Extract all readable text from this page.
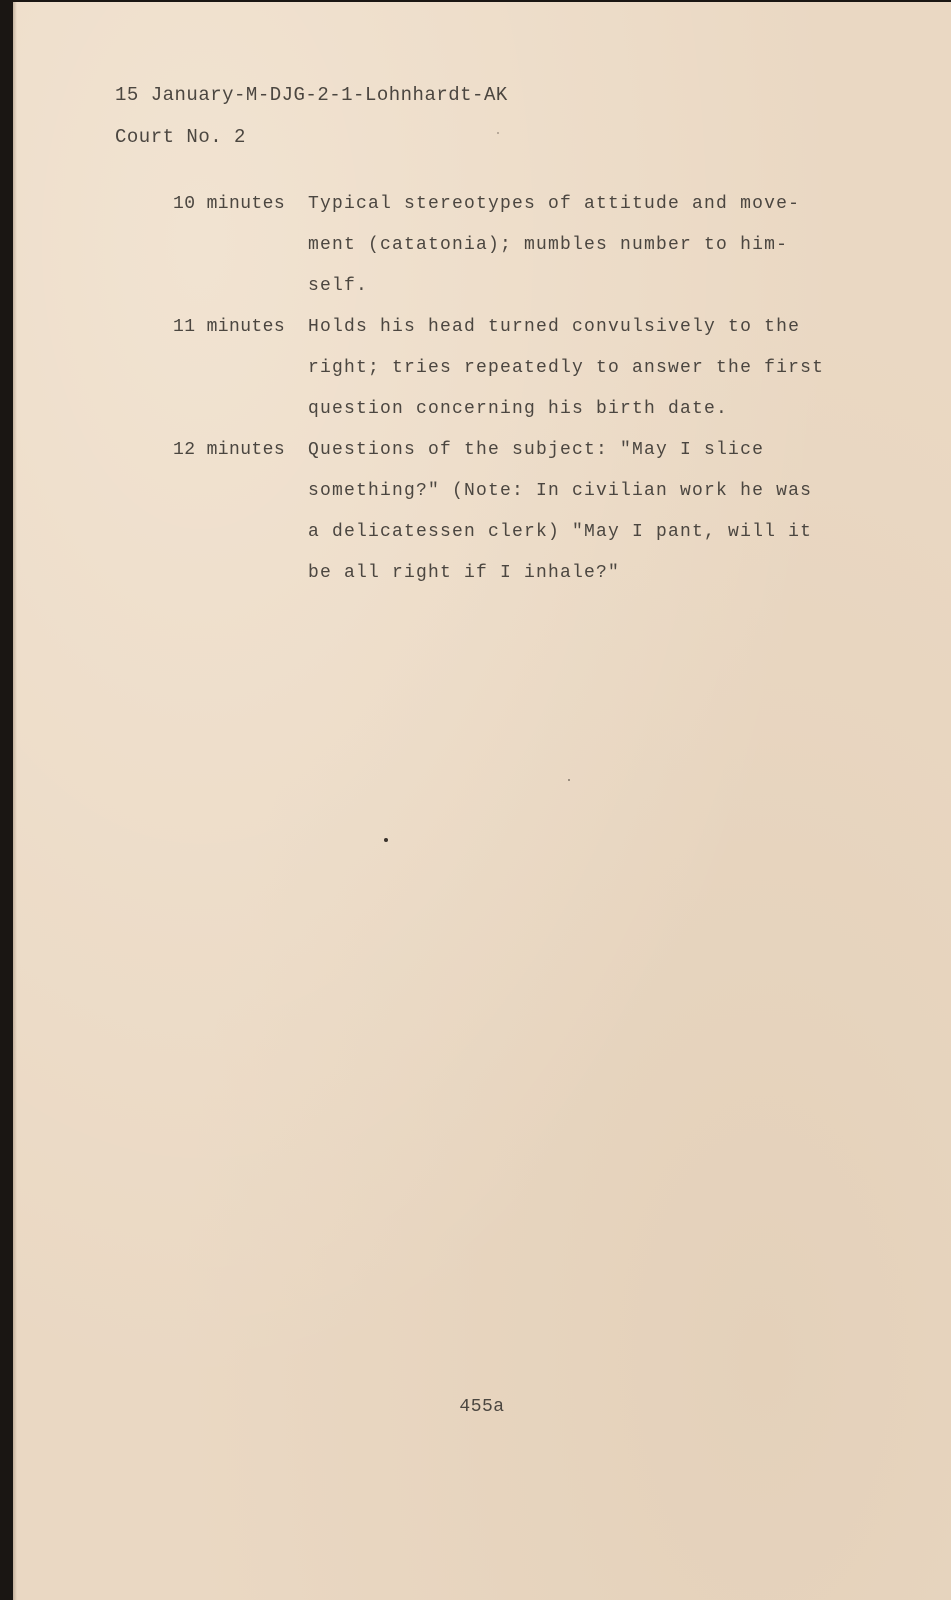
15 January-M-DJG-2-1-Lohnhardt-AK
Court No. 2
10 minutes	Typical stereotypes of attitude and move-ment (catatonia); mumbles number to him-self.
11 minutes	Holds his head turned convulsively to the right; tries repeatedly to answer the first question concerning his birth date.
12 minutes	Questions of the subject: "May I slice something?" (Note: In civilian work he was a delicatessen clerk) "May I pant, will it be all right if I inhale?"
455a
